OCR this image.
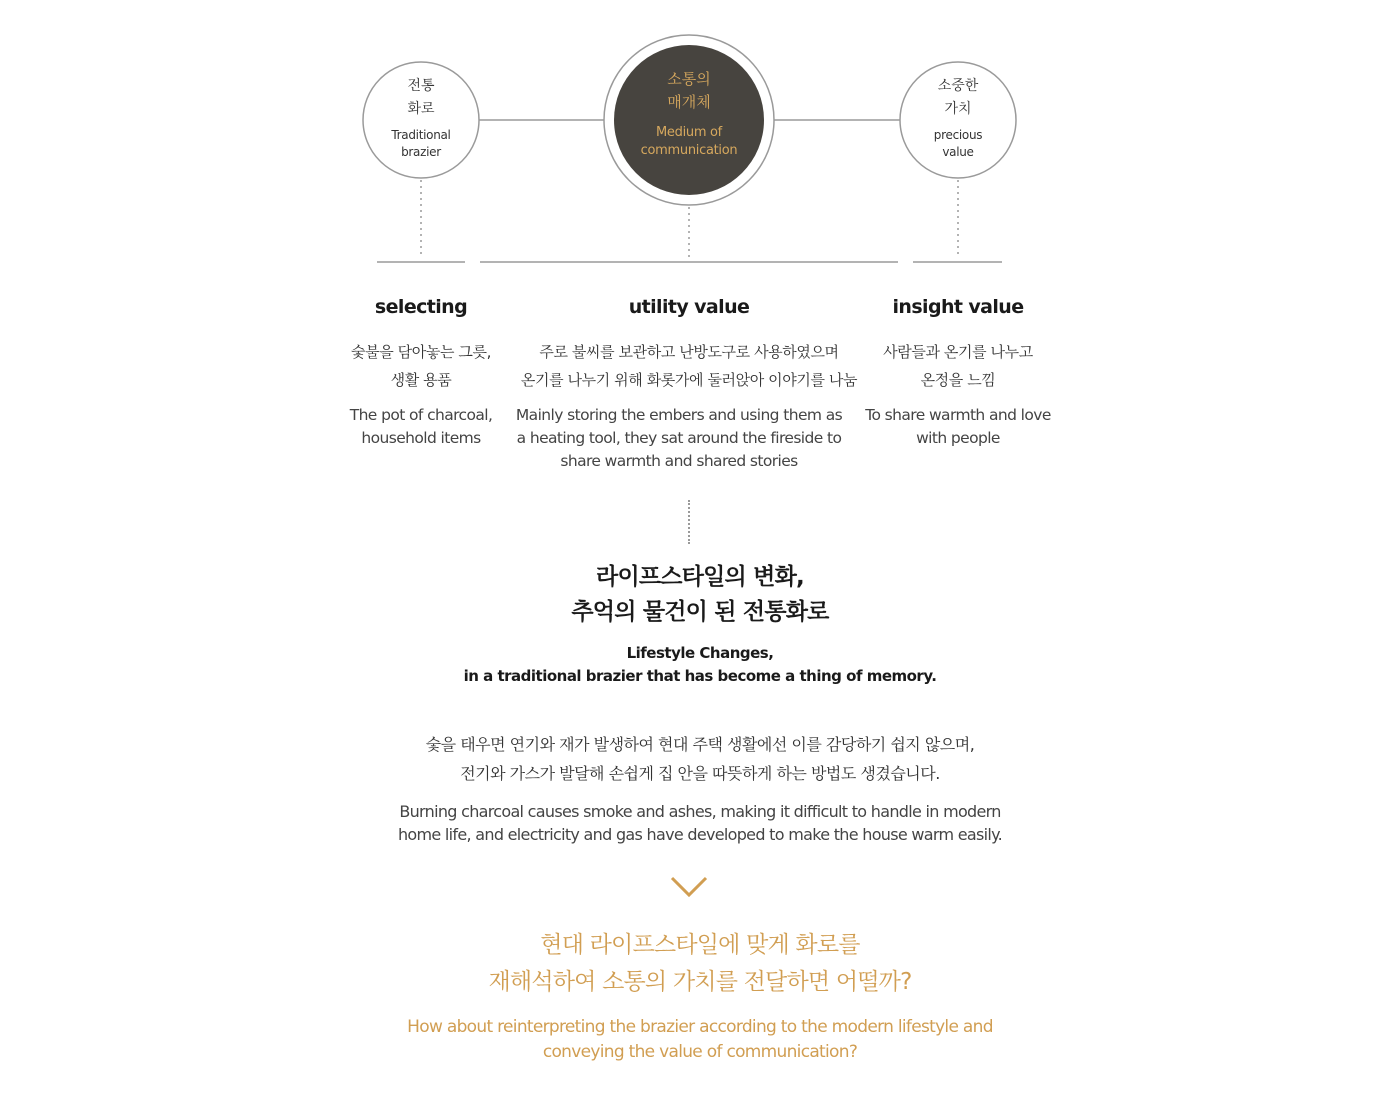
전통
화로
Traditional
brazier
소통의
매개체
Medium of
communication
소중한
가치
precious
value
selecting
숯불을 담아놓는 그릇,
생활 용품
The pot of charcoal,
household items
utility value
주로 불씨를 보관하고 난방도구로 사용하였으며
온기를 나누기 위해 화롯가에 둘러앉아 이야기를 나눔
Mainly storing the embers and using them as
a heating tool, they sat around the fireside to
share warmth and shared stories
insight value
사람들과 온기를 나누고
온정을 느낌
To share warmth and love
with people
라이프스타일의 변화,
추억의 물건이 된 전통화로
Lifestyle Changes,
in a traditional brazier that has become a thing of memory.
숯을 태우면 연기와 재가 발생하여 현대 주택 생활에선 이를 감당하기 쉽지 않으며,
전기와 가스가 발달해 손쉽게 집 안을 따뜻하게 하는 방법도 생겼습니다.
Burning charcoal causes smoke and ashes, making it difficult to handle in modern
home life, and electricity and gas have developed to make the house warm easily.
현대 라이프스타일에 맞게 화로를
재해석하여 소통의 가치를 전달하면 어떨까?
How about reinterpreting the brazier according to the modern lifestyle and
conveying the value of communication?
